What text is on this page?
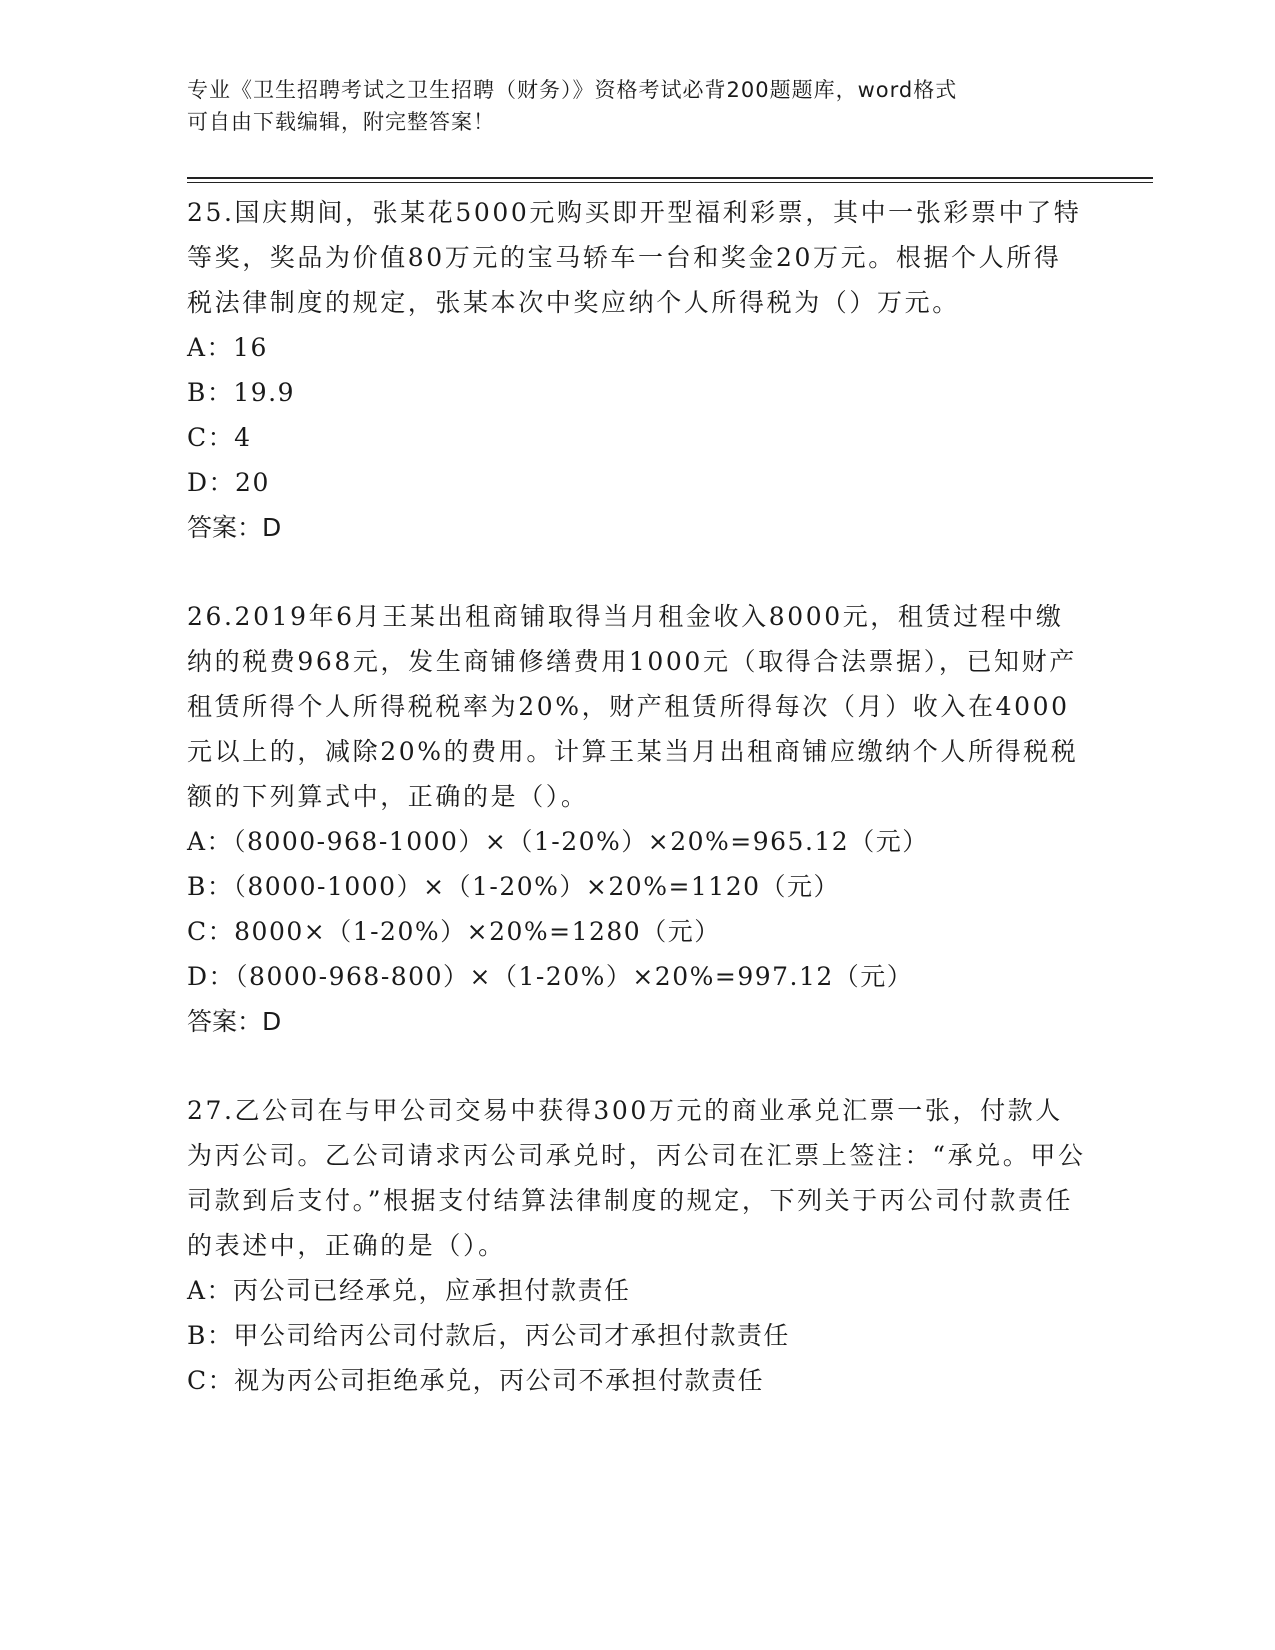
专业《卫生招聘考试之卫生招聘（财务）》资格考试必背200题题库，word格式
可自由下载编辑，附完整答案！

25.国庆期间，张某花5000元购买即开型福利彩票，其中一张彩票中了特等奖，奖品为价值80万元的宝马轿车一台和奖金20万元。根据个人所得税法律制度的规定，张某本次中奖应纳个人所得税为（）万元。

A：16

B：19.9

C：4

D：20

答案：D

26.2019年6月王某出租商铺取得当月租金收入8000元，租赁过程中缴纳的税费968元，发生商铺修缮费用1000元（取得合法票据），已知财产租赁所得个人所得税税率为20%，财产租赁所得每次（月）收入在4000元以上的，减除20%的费用。计算王某当月出租商铺应缴纳个人所得税税额的下列算式中，正确的是（）。

A：（8000-968-1000）×（1-20%）×20%=965.12（元）

B：（8000-1000）×（1-20%）×20%=1120（元）

C：8000×（1-20%）×20%=1280（元）

D：（8000-968-800）×（1-20%）×20%=997.12（元）

答案：D

27.乙公司在与甲公司交易中获得300万元的商业承兑汇票一张，付款人为丙公司。乙公司请求丙公司承兑时，丙公司在汇票上签注：“承兑。甲公司款到后支付。”根据支付结算法律制度的规定，下列关于丙公司付款责任的表述中，正确的是（）。

A：丙公司已经承兑，应承担付款责任

B：甲公司给丙公司付款后，丙公司才承担付款责任

C：视为丙公司拒绝承兑，丙公司不承担付款责任
